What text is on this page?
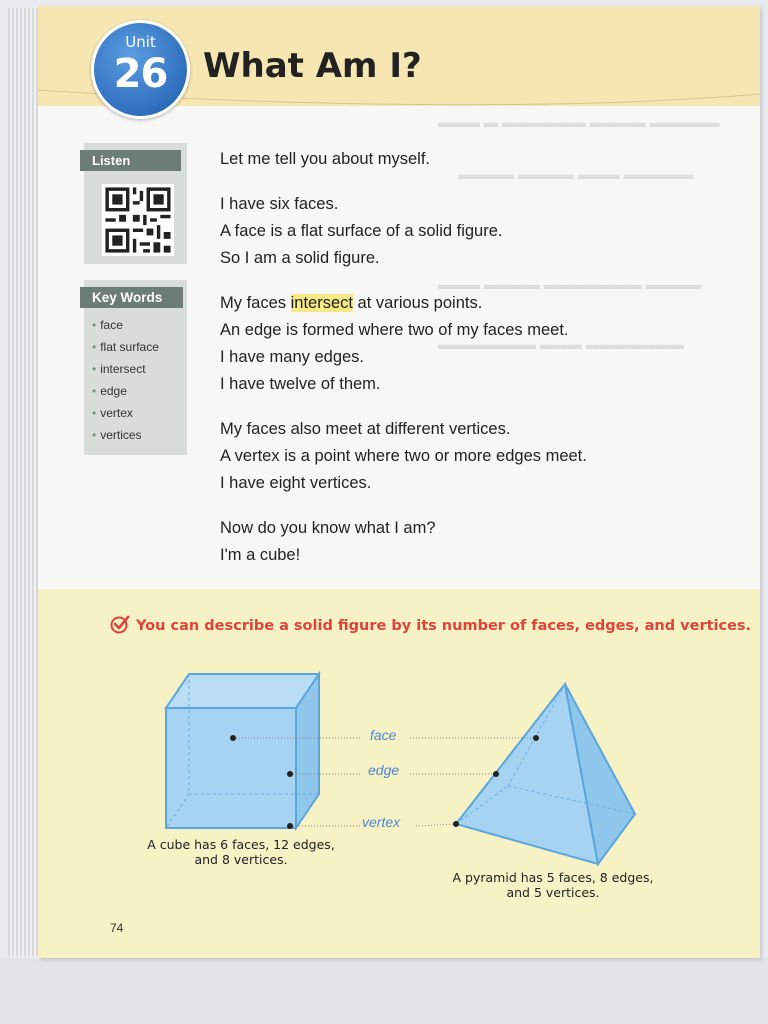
Unit
26	What Am I?
▬▬▬ ▬ ▬▬▬▬▬▬ ▬▬▬▬ ▬▬▬▬▬
▬▬▬▬ ▬▬▬▬ ▬▬▬ ▬▬▬▬▬
▬▬▬ ▬▬▬▬ ▬▬▬▬▬▬▬ ▬▬▬▬
▬▬▬▬▬▬▬ ▬▬▬ ▬▬▬▬▬▬▬
Listen
Key Words
• face
• flat surface
• intersect
• edge
• vertex
• vertices
Let me tell you about myself.
I have six faces.
A face is a flat surface of a solid figure.
So I am a solid figure.
My faces intersect at various points.
An edge is formed where two of my faces meet.
I have many edges.
I have twelve of them.
My faces also meet at different vertices.
A vertex is a point where two or more edges meet.
I have eight vertices.
Now do you know what I am?
I'm a cube!
You can describe a solid figure by its number of faces, edges, and vertices.
face
edge
vertex
A cube has 6 faces, 12 edges,
and 8 vertices.
A pyramid has 5 faces, 8 edges,
and 5 vertices.
74
